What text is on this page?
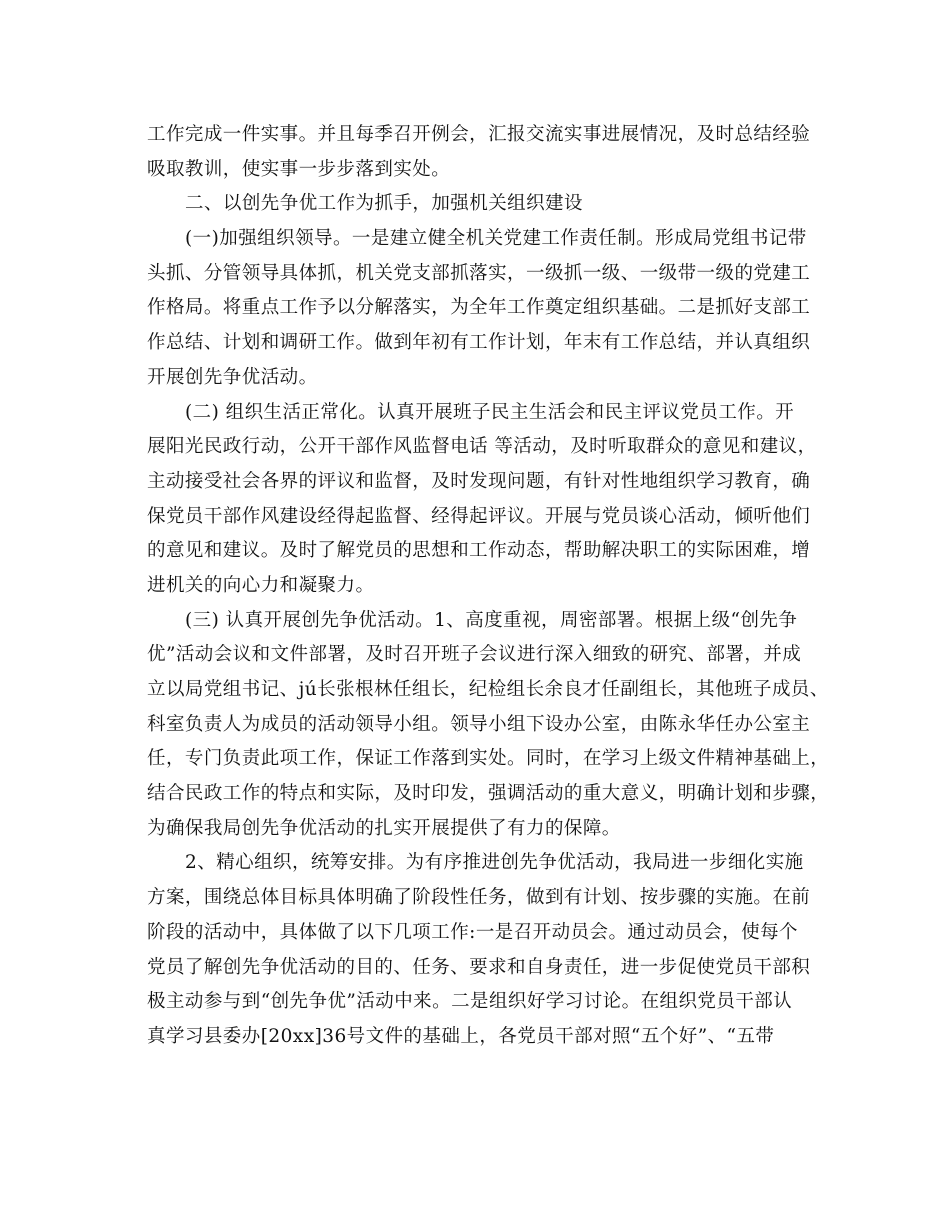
工作完成一件实事。并且每季召开例会，汇报交流实事进展情况，及时总结经验
吸取教训，使实事一步步落到实处。
二、以创先争优工作为抓手，加强机关组织建设
(一)加强组织领导。一是建立健全机关党建工作责任制。形成局党组书记带
头抓、分管领导具体抓，机关党支部抓落实，一级抓一级、一级带一级的党建工
作格局。将重点工作予以分解落实，为全年工作奠定组织基础。二是抓好支部工
作总结、计划和调研工作。做到年初有工作计划，年末有工作总结，并认真组织
开展创先争优活动。
(二) 组织生活正常化。认真开展班子民主生活会和民主评议党员工作。开
展阳光民政行动，公开干部作风监督电话 等活动，及时听取群众的意见和建议，
主动接受社会各界的评议和监督，及时发现问题，有针对性地组织学习教育，确
保党员干部作风建设经得起监督、经得起评议。开展与党员谈心活动，倾听他们
的意见和建议。及时了解党员的思想和工作动态，帮助解决职工的实际困难，增
进机关的向心力和凝聚力。
(三) 认真开展创先争优活动。1、高度重视，周密部署。根据上级“创先争
优”活动会议和文件部署，及时召开班子会议进行深入细致的研究、部署，并成
立以局党组书记、jú长张根林任组长，纪检组长余良才任副组长，其他班子成员、
科室负责人为成员的活动领导小组。领导小组下设办公室，由陈永华任办公室主
任，专门负责此项工作，保证工作落到实处。同时，在学习上级文件精神基础上，
结合民政工作的特点和实际，及时印发，强调活动的重大意义，明确计划和步骤，
为确保我局创先争优活动的扎实开展提供了有力的保障。
2、精心组织，统筹安排。为有序推进创先争优活动，我局进一步细化实施
方案，围绕总体目标具体明确了阶段性任务，做到有计划、按步骤的实施。在前
阶段的活动中，具体做了以下几项工作:一是召开动员会。通过动员会，使每个
党员了解创先争优活动的目的、任务、要求和自身责任，进一步促使党员干部积
极主动参与到“创先争优”活动中来。二是组织好学习讨论。在组织党员干部认
真学习县委办[20xx]36号文件的基础上，各党员干部对照“五个好”、“五带
